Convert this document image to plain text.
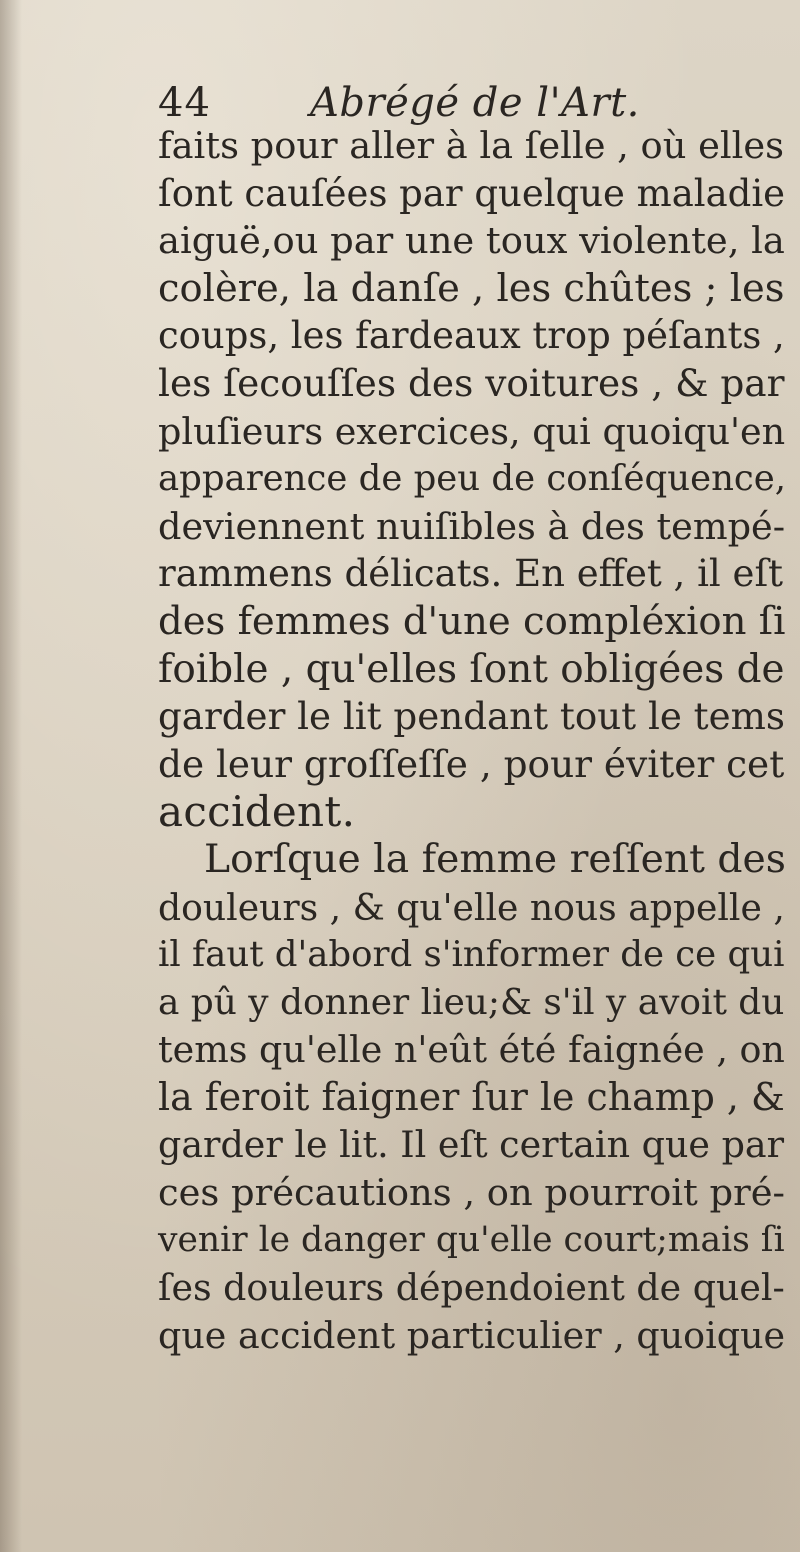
44 Abrégé de l'Art.
faits pour aller à la ſelle , où elles
ſont cauſées par quelque maladie
aiguë,ou par une toux violente, la
colère, la danſe , les chûtes ; les
coups, les fardeaux trop péſants ,
les ſecouſſes des voitures , & par
pluſieurs exercices, qui quoiqu'en
apparence de peu de conſéquence,
deviennent nuiſibles à des tempé-
rammens délicats. En effet , il eſt
des femmes d'une compléxion ſi
foible , qu'elles ſont obligées de
garder le lit pendant tout le tems
de leur groſſeſſe , pour éviter cet
accident.
Lorſque la femme reſſent des
douleurs , & qu'elle nous appelle ,
il faut d'abord s'informer de ce qui
a pû y donner lieu;& s'il y avoit du
tems qu'elle n'eût été faignée , on
la feroit faigner ſur le champ , &
garder le lit. Il eſt certain que par
ces précautions , on pourroit pré-
venir le danger qu'elle court;mais ſi
ſes douleurs dépendoient de quel-
que accident particulier , quoique
